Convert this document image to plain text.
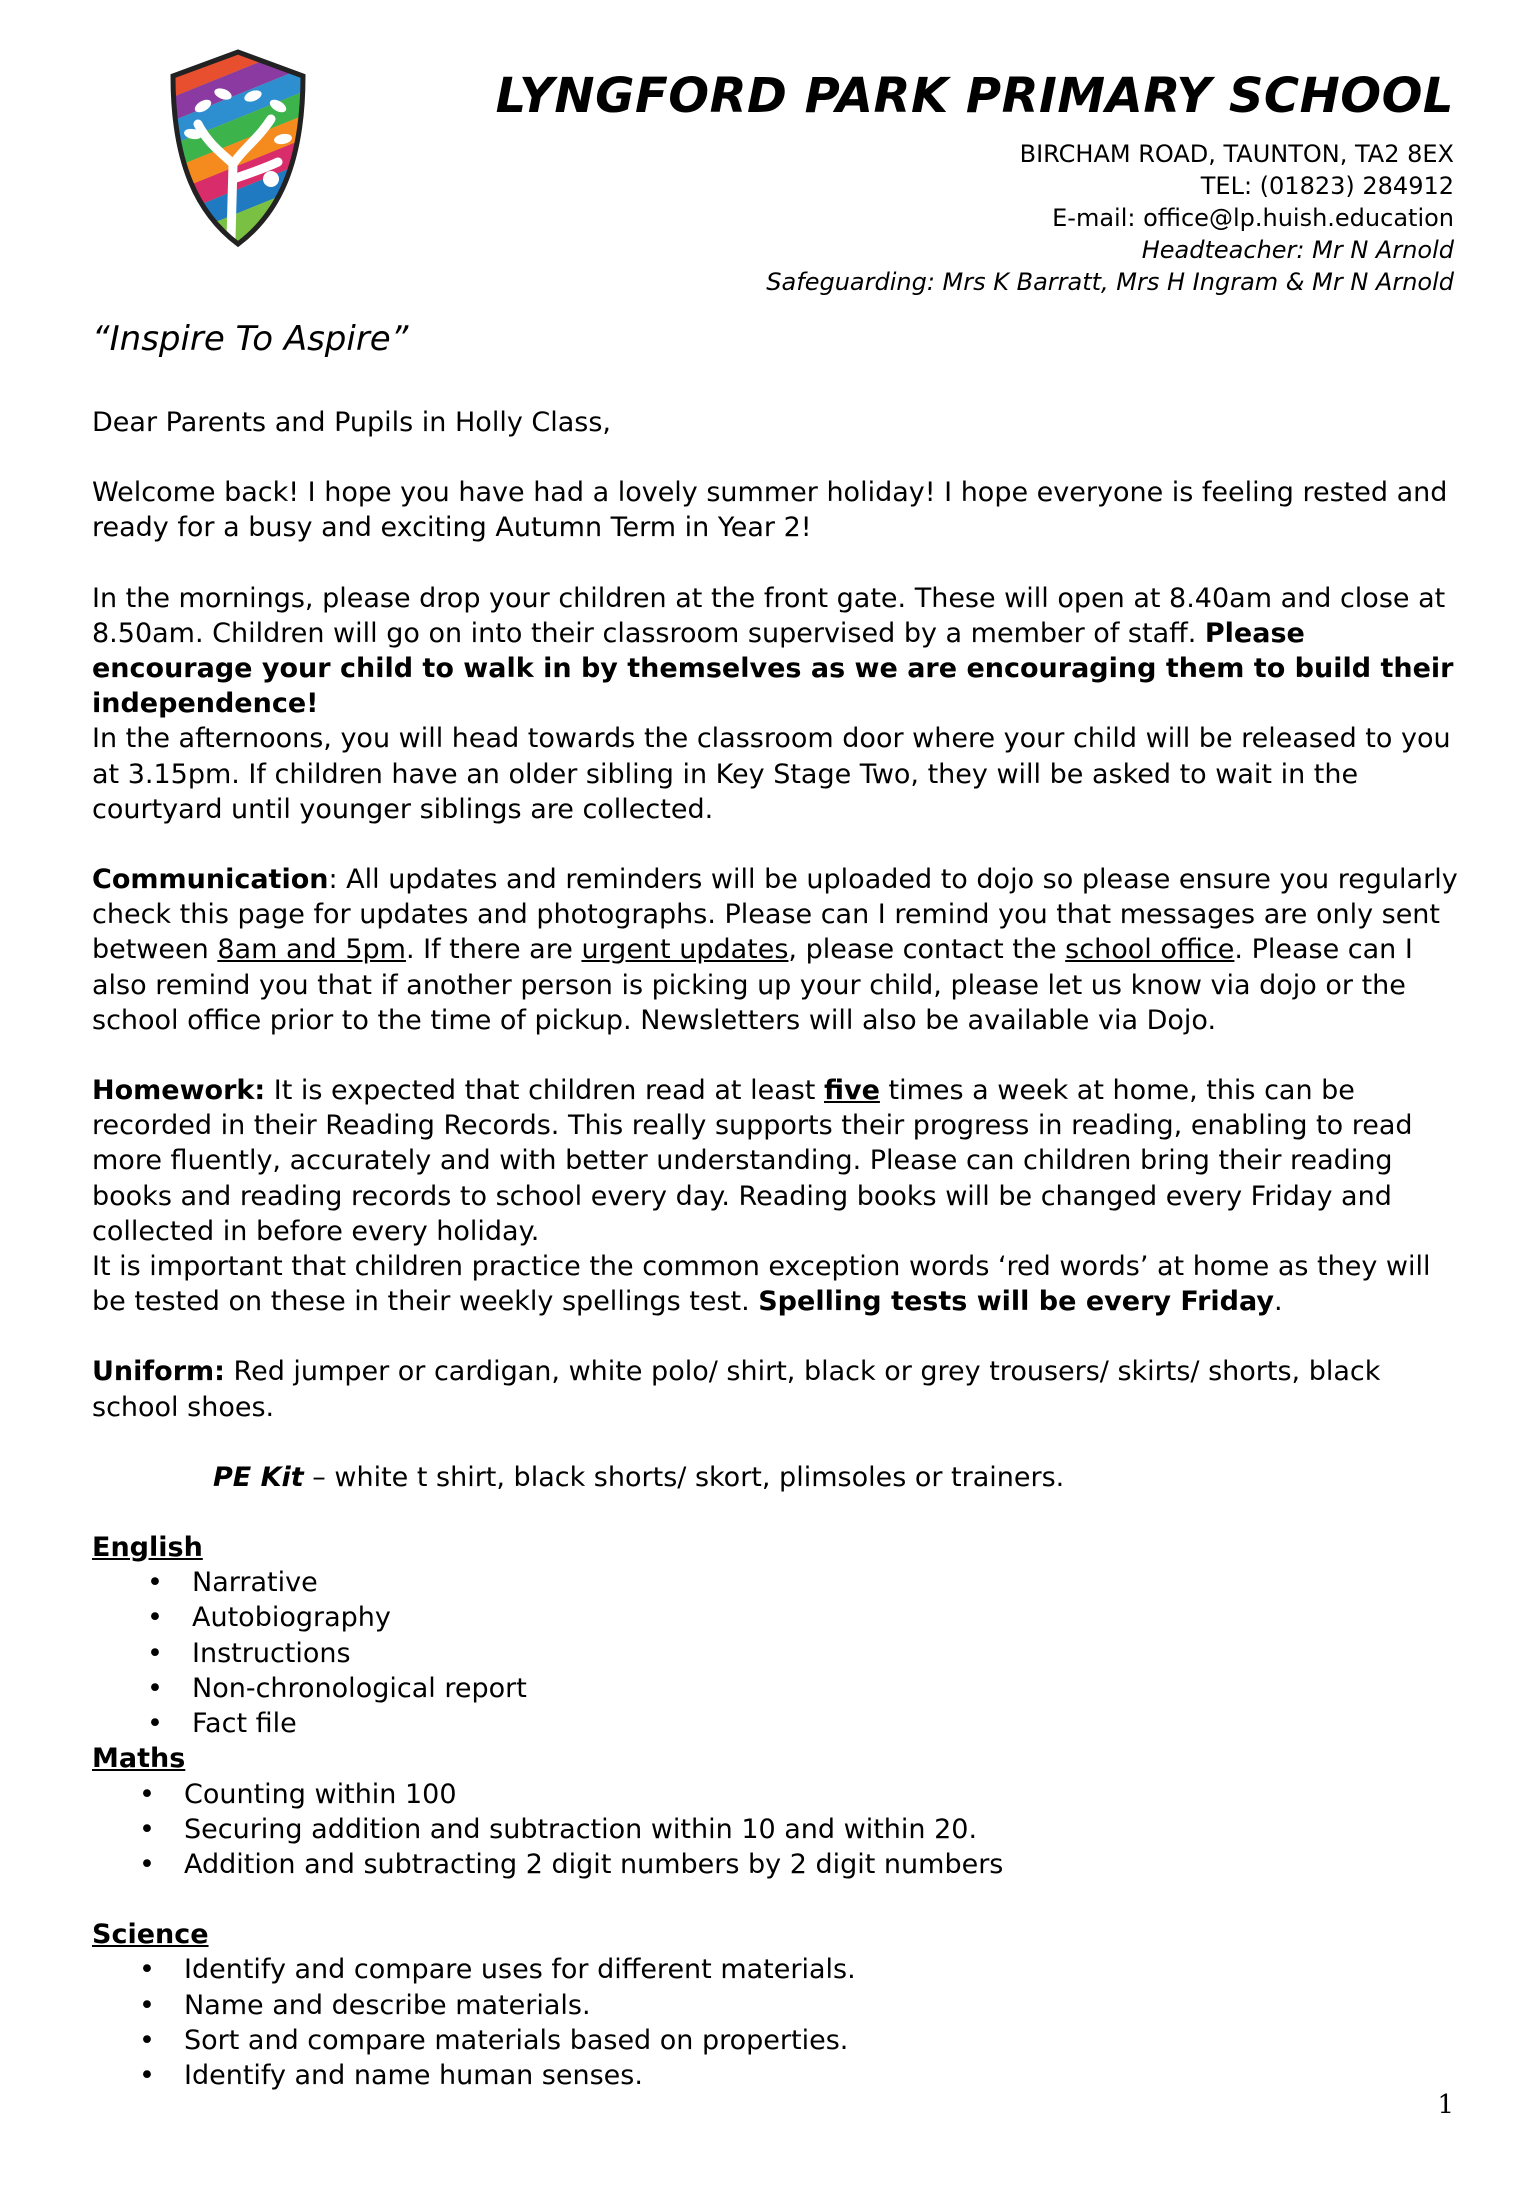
LYNGFORD PARK PRIMARY SCHOOL
BIRCHAM ROAD, TAUNTON, TA2 8EX
TEL: (01823) 284912
E-mail: office@lp.huish.education
Headteacher: Mr N Arnold
Safeguarding: Mrs K Barratt, Mrs H Ingram & Mr N Arnold
“Inspire To Aspire”

Dear Parents and Pupils in Holly Class,

Welcome back! I hope you have had a lovely summer holiday! I hope everyone is feeling rested and ready for a busy and exciting Autumn Term in Year 2!

In the mornings, please drop your children at the front gate. These will open at 8.40am and close at 8.50am. Children will go on into their classroom supervised by a member of staff. Please encourage your child to walk in by themselves as we are encouraging them to build their independence!
In the afternoons, you will head towards the classroom door where your child will be released to you at 3.15pm. If children have an older sibling in Key Stage Two, they will be asked to wait in the courtyard until younger siblings are collected.

Communication: All updates and reminders will be uploaded to dojo so please ensure you regularly check this page for updates and photographs. Please can I remind you that messages are only sent between 8am and 5pm. If there are urgent updates, please contact the school office. Please can I also remind you that if another person is picking up your child, please let us know via dojo or the school office prior to the time of pickup. Newsletters will also be available via Dojo.

Homework: It is expected that children read at least five times a week at home, this can be recorded in their Reading Records. This really supports their progress in reading, enabling to read more fluently, accurately and with better understanding. Please can children bring their reading books and reading records to school every day. Reading books will be changed every Friday and collected in before every holiday.
It is important that children practice the common exception words ‘red words’ at home as they will be tested on these in their weekly spellings test. Spelling tests will be every Friday.

Uniform: Red jumper or cardigan, white polo/ shirt, black or grey trousers/ skirts/ shorts, black school shoes.

PE Kit – white t shirt, black shorts/ skort, plimsoles or trainers.

English
• Narrative
• Autobiography
• Instructions
• Non-chronological report
• Fact file
Maths
• Counting within 100
• Securing addition and subtraction within 10 and within 20.
• Addition and subtracting 2 digit numbers by 2 digit numbers
Science
• Identify and compare uses for different materials.
• Name and describe materials.
• Sort and compare materials based on properties.
• Identify and name human senses.
1
